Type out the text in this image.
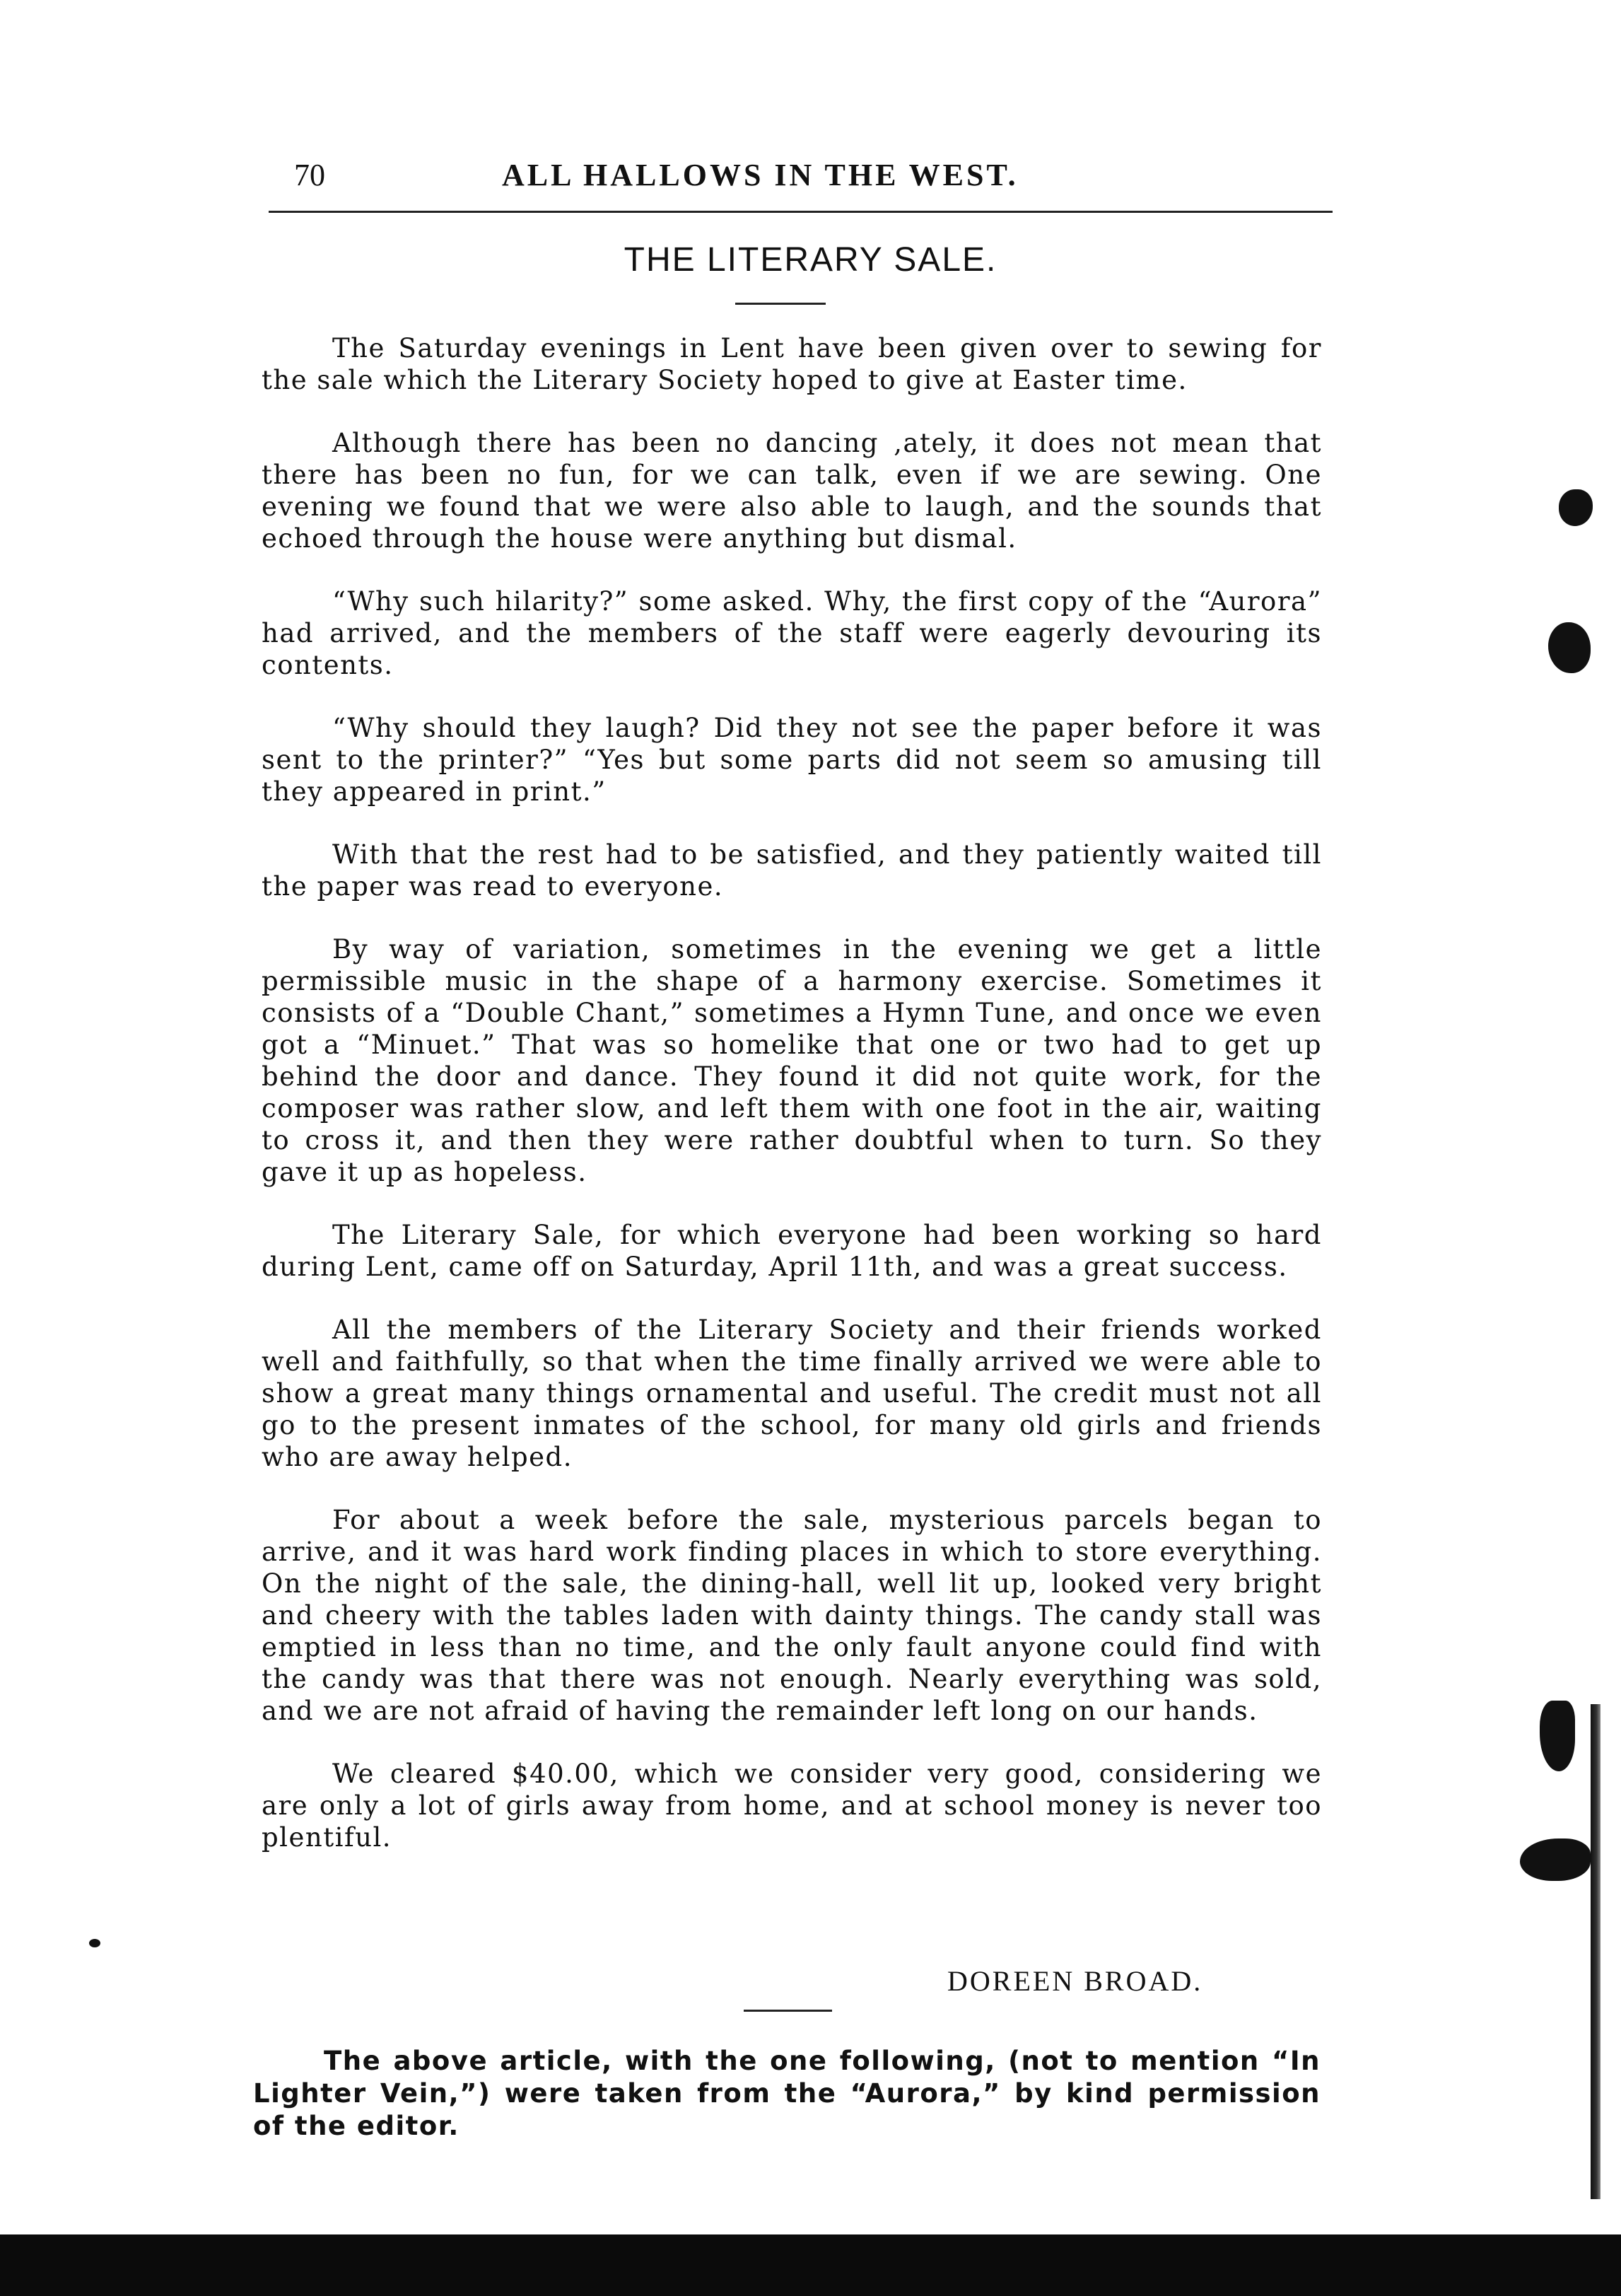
70	ALL HALLOWS IN THE WEST.
THE LITERARY SALE.

The Saturday evenings in Lent have been given over to sewing for the sale which the Literary Society hoped to give at Easter time.

Although there has been no dancing ,ately, it does not mean that there has been no fun, for we can talk, even if we are sewing. One evening we found that we were also able to laugh, and the sounds that echoed through the house were anything but dismal.

“Why such hilarity?” some asked. Why, the first copy of the “Aurora” had arrived, and the members of the staff were eagerly devouring its contents.

“Why should they laugh? Did they not see the paper before it was sent to the printer?” “Yes but some parts did not seem so amusing till they appeared in print.”

With that the rest had to be satisfied, and they patiently waited till the paper was read to everyone.

By way of variation, sometimes in the evening we get a little permissible music in the shape of a harmony exercise. Sometimes it consists of a “Double Chant,” sometimes a Hymn Tune, and once we even got a “Minuet.” That was so homelike that one or two had to get up behind the door and dance. They found it did not quite work, for the composer was rather slow, and left them with one foot in the air, waiting to cross it, and then they were rather doubtful when to turn. So they gave it up as hopeless.

The Literary Sale, for which everyone had been working so hard during Lent, came off on Saturday, April 11th, and was a great success.

All the members of the Literary Society and their friends worked well and faithfully, so that when the time finally arrived we were able to show a great many things ornamental and useful. The credit must not all go to the present inmates of the school, for many old girls and friends who are away helped.

For about a week before the sale, mysterious parcels began to arrive, and it was hard work finding places in which to store everything. On the night of the sale, the dining-hall, well lit up, looked very bright and cheery with the tables laden with dainty things. The candy stall was emptied in less than no time, and the only fault anyone could find with the candy was that there was not enough. Nearly everything was sold, and we are not afraid of having the remainder left long on our hands.

We cleared $40.00, which we consider very good, considering we are only a lot of girls away from home, and at school money is never too plentiful.

DOREEN BROAD.

The above article, with the one following, (not to mention “In Lighter Vein,”) were taken from the “Aurora,” by kind permission of the editor.
